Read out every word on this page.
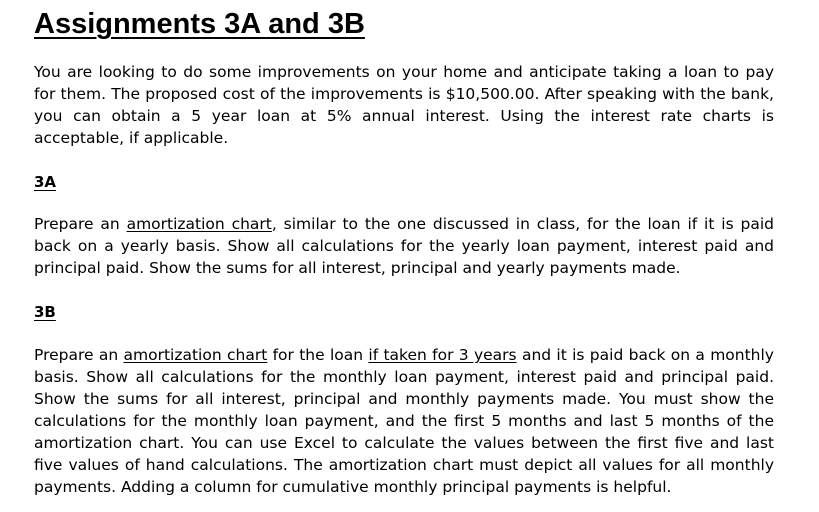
Assignments 3A and 3B

You are looking to do some improvements on your home and anticipate taking a loan to pay for them. The proposed cost of the improvements is $10,500.00. After speaking with the bank, you can obtain a 5 year loan at 5% annual interest. Using the interest rate charts is acceptable, if applicable.

3A

Prepare an amortization chart, similar to the one discussed in class, for the loan if it is paid back on a yearly basis. Show all calculations for the yearly loan payment, interest paid and principal paid. Show the sums for all interest, principal and yearly payments made.

3B

Prepare an amortization chart for the loan if taken for 3 years and it is paid back on a monthly basis. Show all calculations for the monthly loan payment, interest paid and principal paid. Show the sums for all interest, principal and monthly payments made. You must show the calculations for the monthly loan payment, and the first 5 months and last 5 months of the amortization chart. You can use Excel to calculate the values between the first five and last five values of hand calculations. The amortization chart must depict all values for all monthly payments. Adding a column for cumulative monthly principal payments is helpful.
